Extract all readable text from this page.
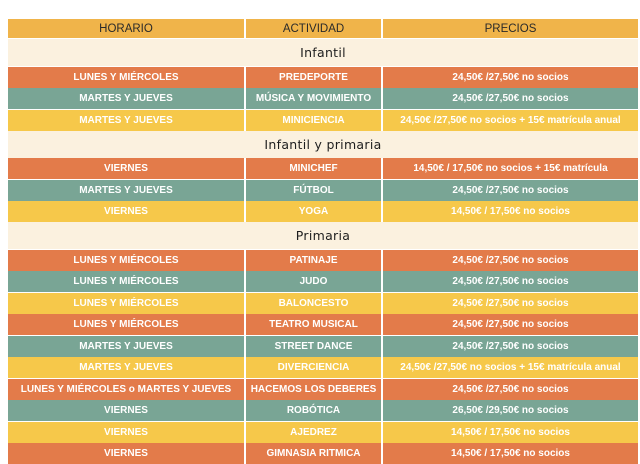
HORARIO	ACTIVIDAD	PRECIOS
Infantil
LUNES Y MIÉRCOLES	PREDEPORTE	24,50€ /27,50€ no socios
MARTES Y JUEVES	MÚSICA Y MOVIMIENTO	24,50€ /27,50€ no socios
MARTES Y JUEVES	MINICIENCIA	24,50€ /27,50€ no socios + 15€ matrícula anual
Infantil y primaria
VIERNES	MINICHEF	14,50€ / 17,50€ no socios + 15€ matrícula
MARTES Y JUEVES	FÚTBOL	24,50€ /27,50€ no socios
VIERNES	YOGA	14,50€ / 17,50€ no socios
Primaria
LUNES Y MIÉRCOLES	PATINAJE	24,50€ /27,50€ no socios
LUNES Y MIÉRCOLES	JUDO	24,50€ /27,50€ no socios
LUNES Y MIÉRCOLES	BALONCESTO	24,50€ /27,50€ no socios
LUNES Y MIÉRCOLES	TEATRO MUSICAL	24,50€ /27,50€ no socios
MARTES Y JUEVES	STREET DANCE	24,50€ /27,50€ no socios
MARTES Y JUEVES	DIVERCIENCIA	24,50€ /27,50€ no socios + 15€ matrícula anual
LUNES Y MIÉRCOLES o MARTES Y JUEVES	HACEMOS LOS DEBERES	24,50€ /27,50€ no socios
VIERNES	ROBÓTICA	26,50€ /29,50€ no socios
VIERNES	AJEDREZ	14,50€ / 17,50€ no socios
VIERNES	GIMNASIA RITMICA	14,50€ / 17,50€ no socios
